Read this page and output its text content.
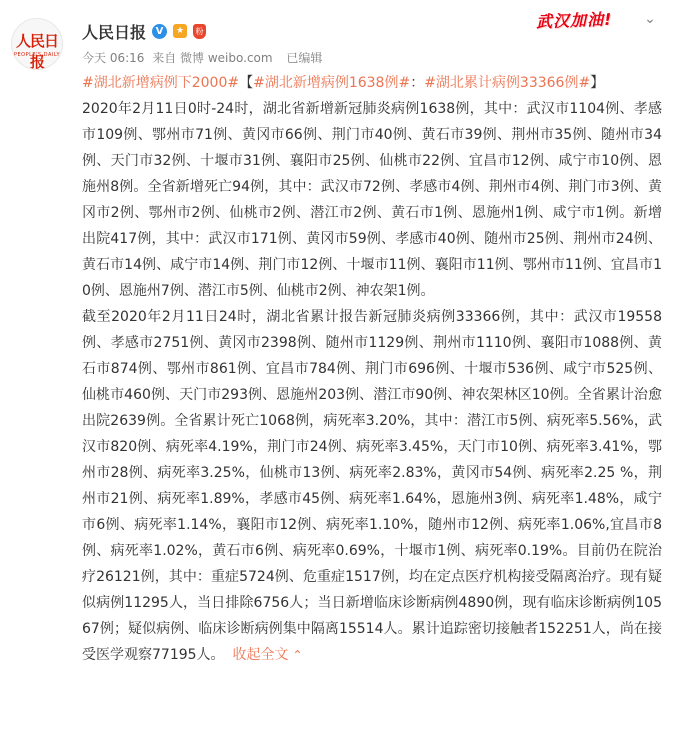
人民日报
PEOPLE'S DAILY
人民日报 V	★	粉
今天 06:16 来自 微博 weibo.com 已编辑
武汉加油! ⌄

#湖北新增病例下2000#【#湖北新增病例1638例#：#湖北累计病例33366例#】

2020年2月11日0时-24时，湖北省新增新冠肺炎病例1638例，其中：武汉市1104例、孝感市109例、鄂州市71例、黄冈市66例、荆门市40例、黄石市39例、荆州市35例、随州市34例、天门市32例、十堰市31例、襄阳市25例、仙桃市22例、宜昌市12例、咸宁市10例、恩施州8例。全省新增死亡94例，其中：武汉市72例、孝感市4例、荆州市4例、荆门市3例、黄冈市2例、鄂州市2例、仙桃市2例、潜江市2例、黄石市1例、恩施州1例、咸宁市1例。新增出院417例，其中：武汉市171例、黄冈市59例、孝感市40例、随州市25例、荆州市24例、黄石市14例、咸宁市14例、荆门市12例、十堰市11例、襄阳市11例、鄂州市11例、宜昌市10例、恩施州7例、潜江市5例、仙桃市2例、神农架1例。

截至2020年2月11日24时，湖北省累计报告新冠肺炎病例33366例，其中：武汉市19558例、孝感市2751例、黄冈市2398例、随州市1129例、荆州市1110例、襄阳市1088例、黄石市874例、鄂州市861例、宜昌市784例、荆门市696例、十堰市536例、咸宁市525例、仙桃市460例、天门市293例、恩施州203例、潜江市90例、神农架林区10例。全省累计治愈出院2639例。全省累计死亡1068例，病死率3.20%，其中：潜江市5例、病死率5.56%，武汉市820例、病死率4.19%，荆门市24例、病死率3.45%，天门市10例、病死率3.41%，鄂州市28例、病死率3.25%，仙桃市13例、病死率2.83%，黄冈市54例、病死率2.25 %，荆州市21例、病死率1.89%，孝感市45例、病死率1.64%，恩施州3例、病死率1.48%，咸宁市6例、病死率1.14%，襄阳市12例、病死率1.10%，随州市12例、病死率1.06%,宜昌市8例、病死率1.02%，黄石市6例、病死率0.69%，十堰市1例、病死率0.19%。目前仍在院治疗26121例，其中：重症5724例、危重症1517例，均在定点医疗机构接受隔离治疗。现有疑似病例11295人，当日排除6756人；当日新增临床诊断病例4890例，现有临床诊断病例10567例；疑似病例、临床诊断病例集中隔离15514人。累计追踪密切接触者152251人，尚在接受医学观察77195人。 收起全文 ⌃
